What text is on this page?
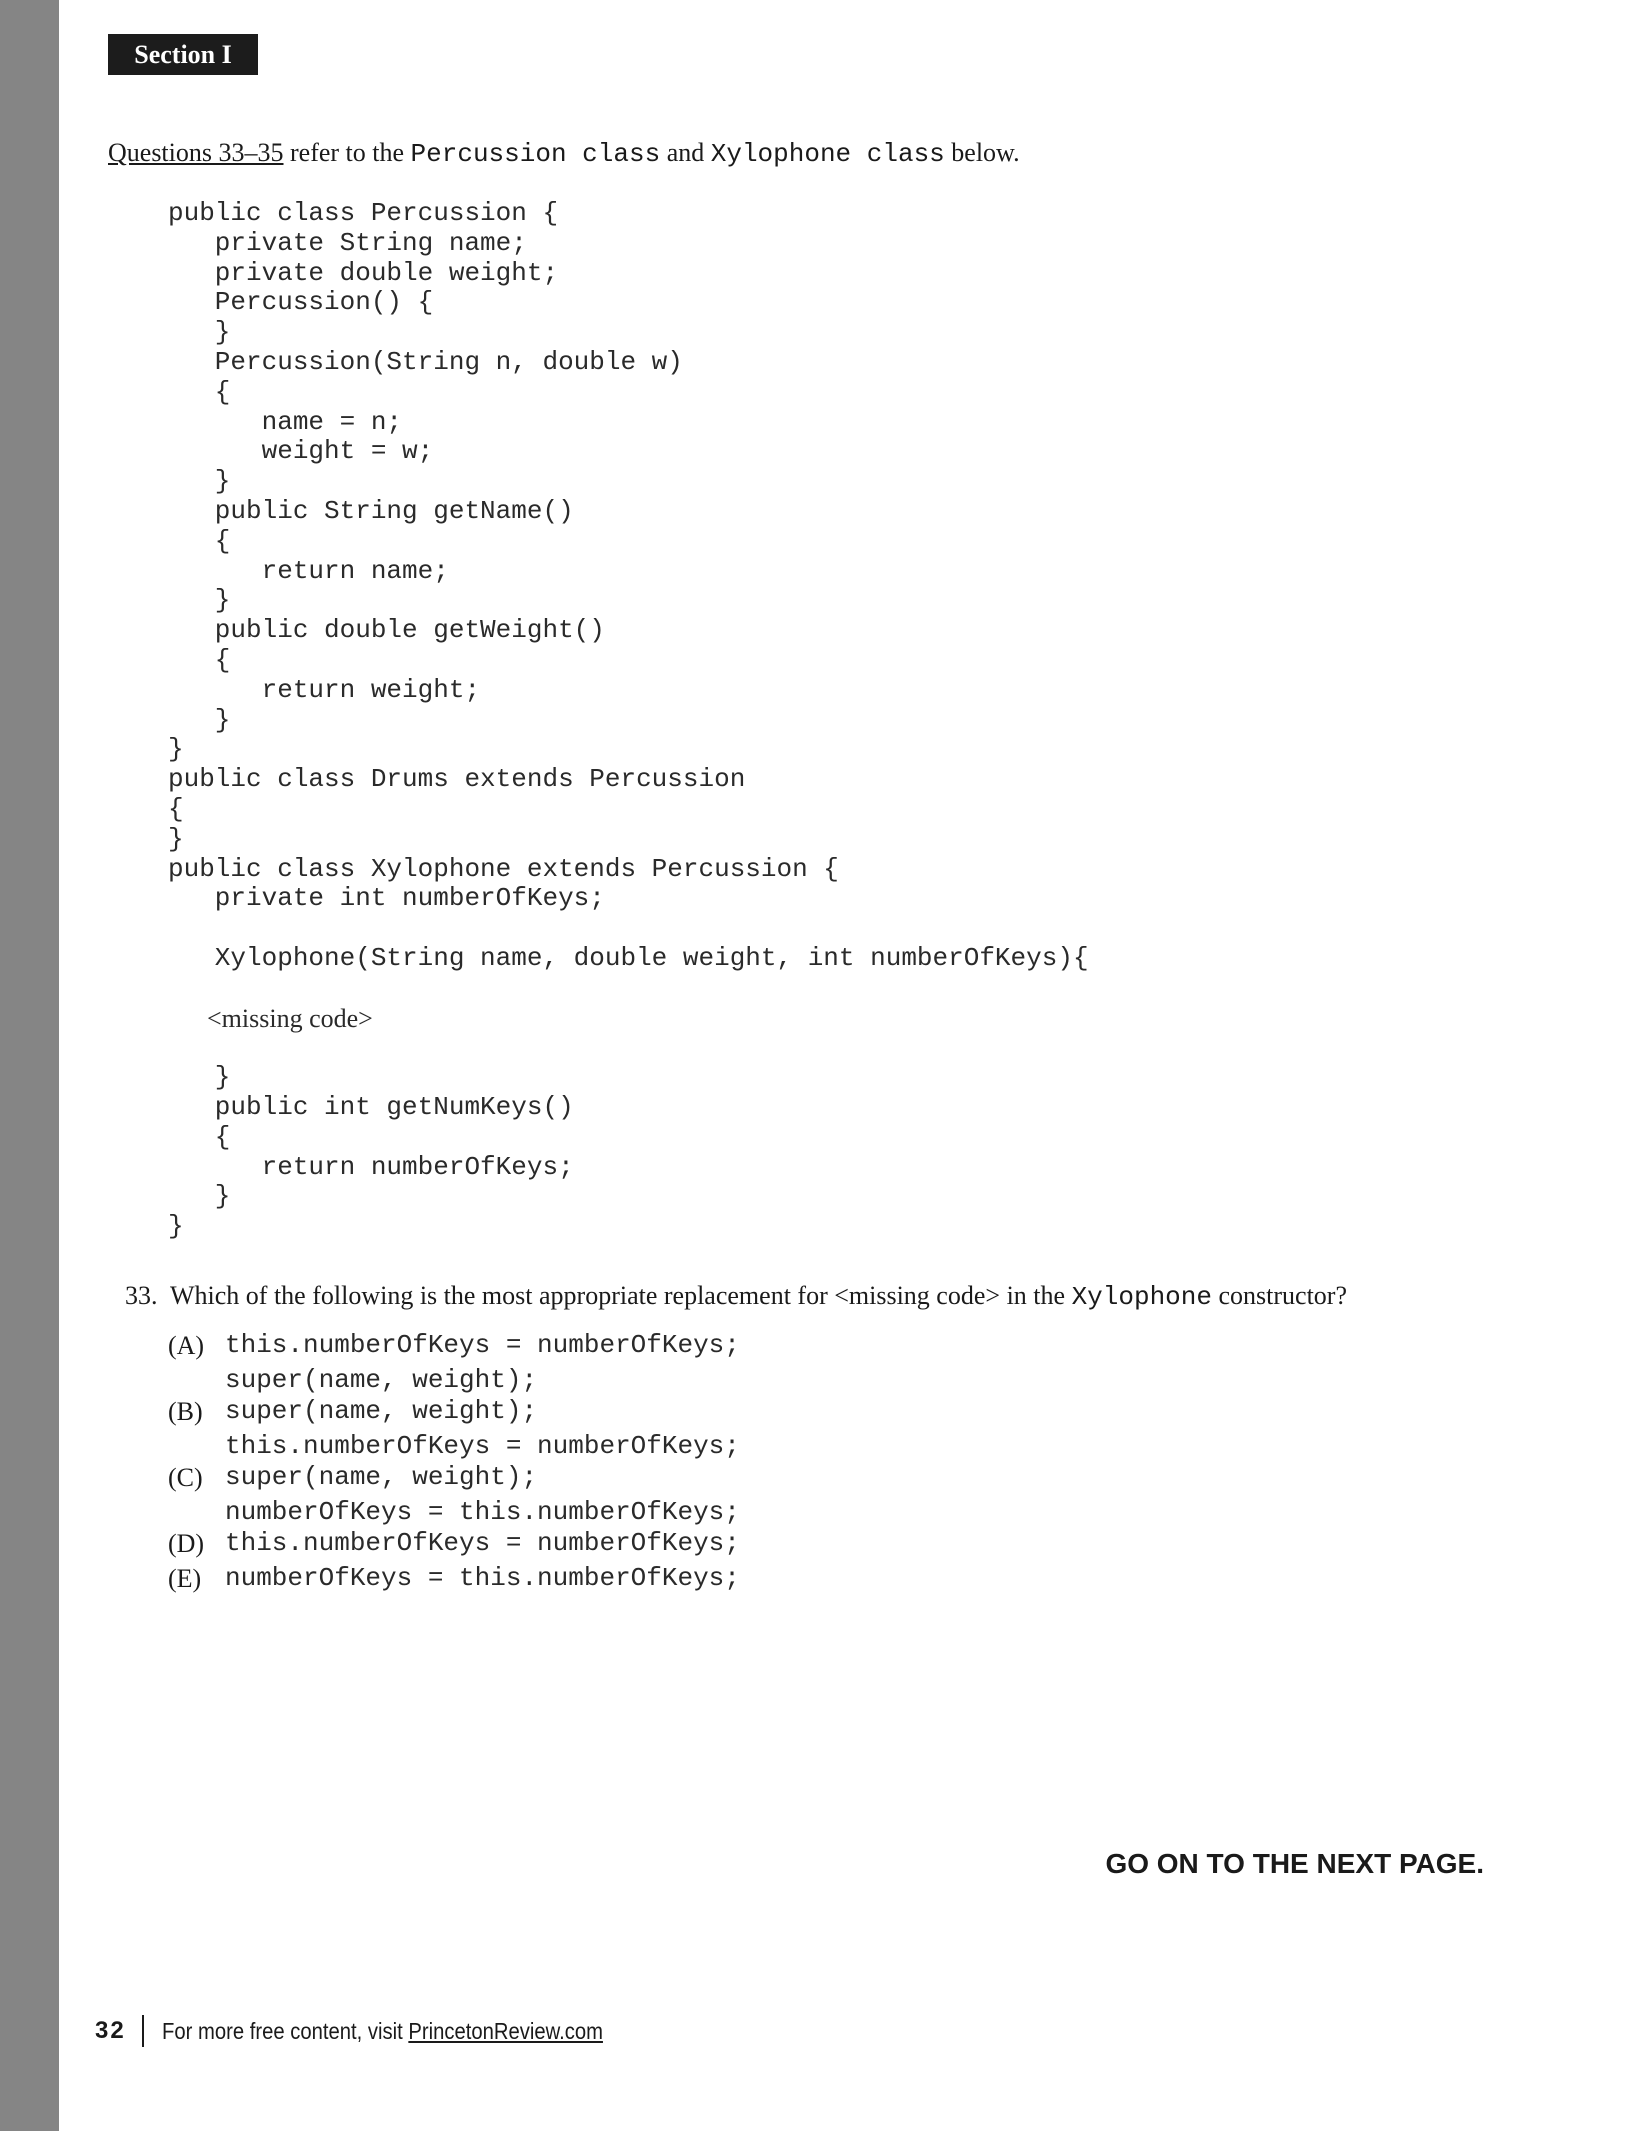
Section I
Questions 33–35 refer to the Percussion class and Xylophone class below.
public class Percussion {
private String name;
private double weight;
Percussion() {
}
Percussion(String n, double w)
{
name = n;
weight = w;
}
public String getName()
{
return name;
}
public double getWeight()
{
return weight;
}
}
public class Drums extends Percussion
{
}
public class Xylophone extends Percussion {
private int numberOfKeys;
Xylophone(String name, double weight, int numberOfKeys){
<missing code>
}
public int getNumKeys()
{
return numberOfKeys;
}
}
33. Which of the following is the most appropriate replacement for <missing code> in the Xylophone constructor?
(A) this.numberOfKeys = numberOfKeys;
super(name, weight);
(B) super(name, weight);
this.numberOfKeys = numberOfKeys;
(C) super(name, weight);
numberOfKeys = this.numberOfKeys;
(D) this.numberOfKeys = numberOfKeys;
(E) numberOfKeys = this.numberOfKeys;
GO ON TO THE NEXT PAGE.
32 For more free content, visit PrincetonReview.com
